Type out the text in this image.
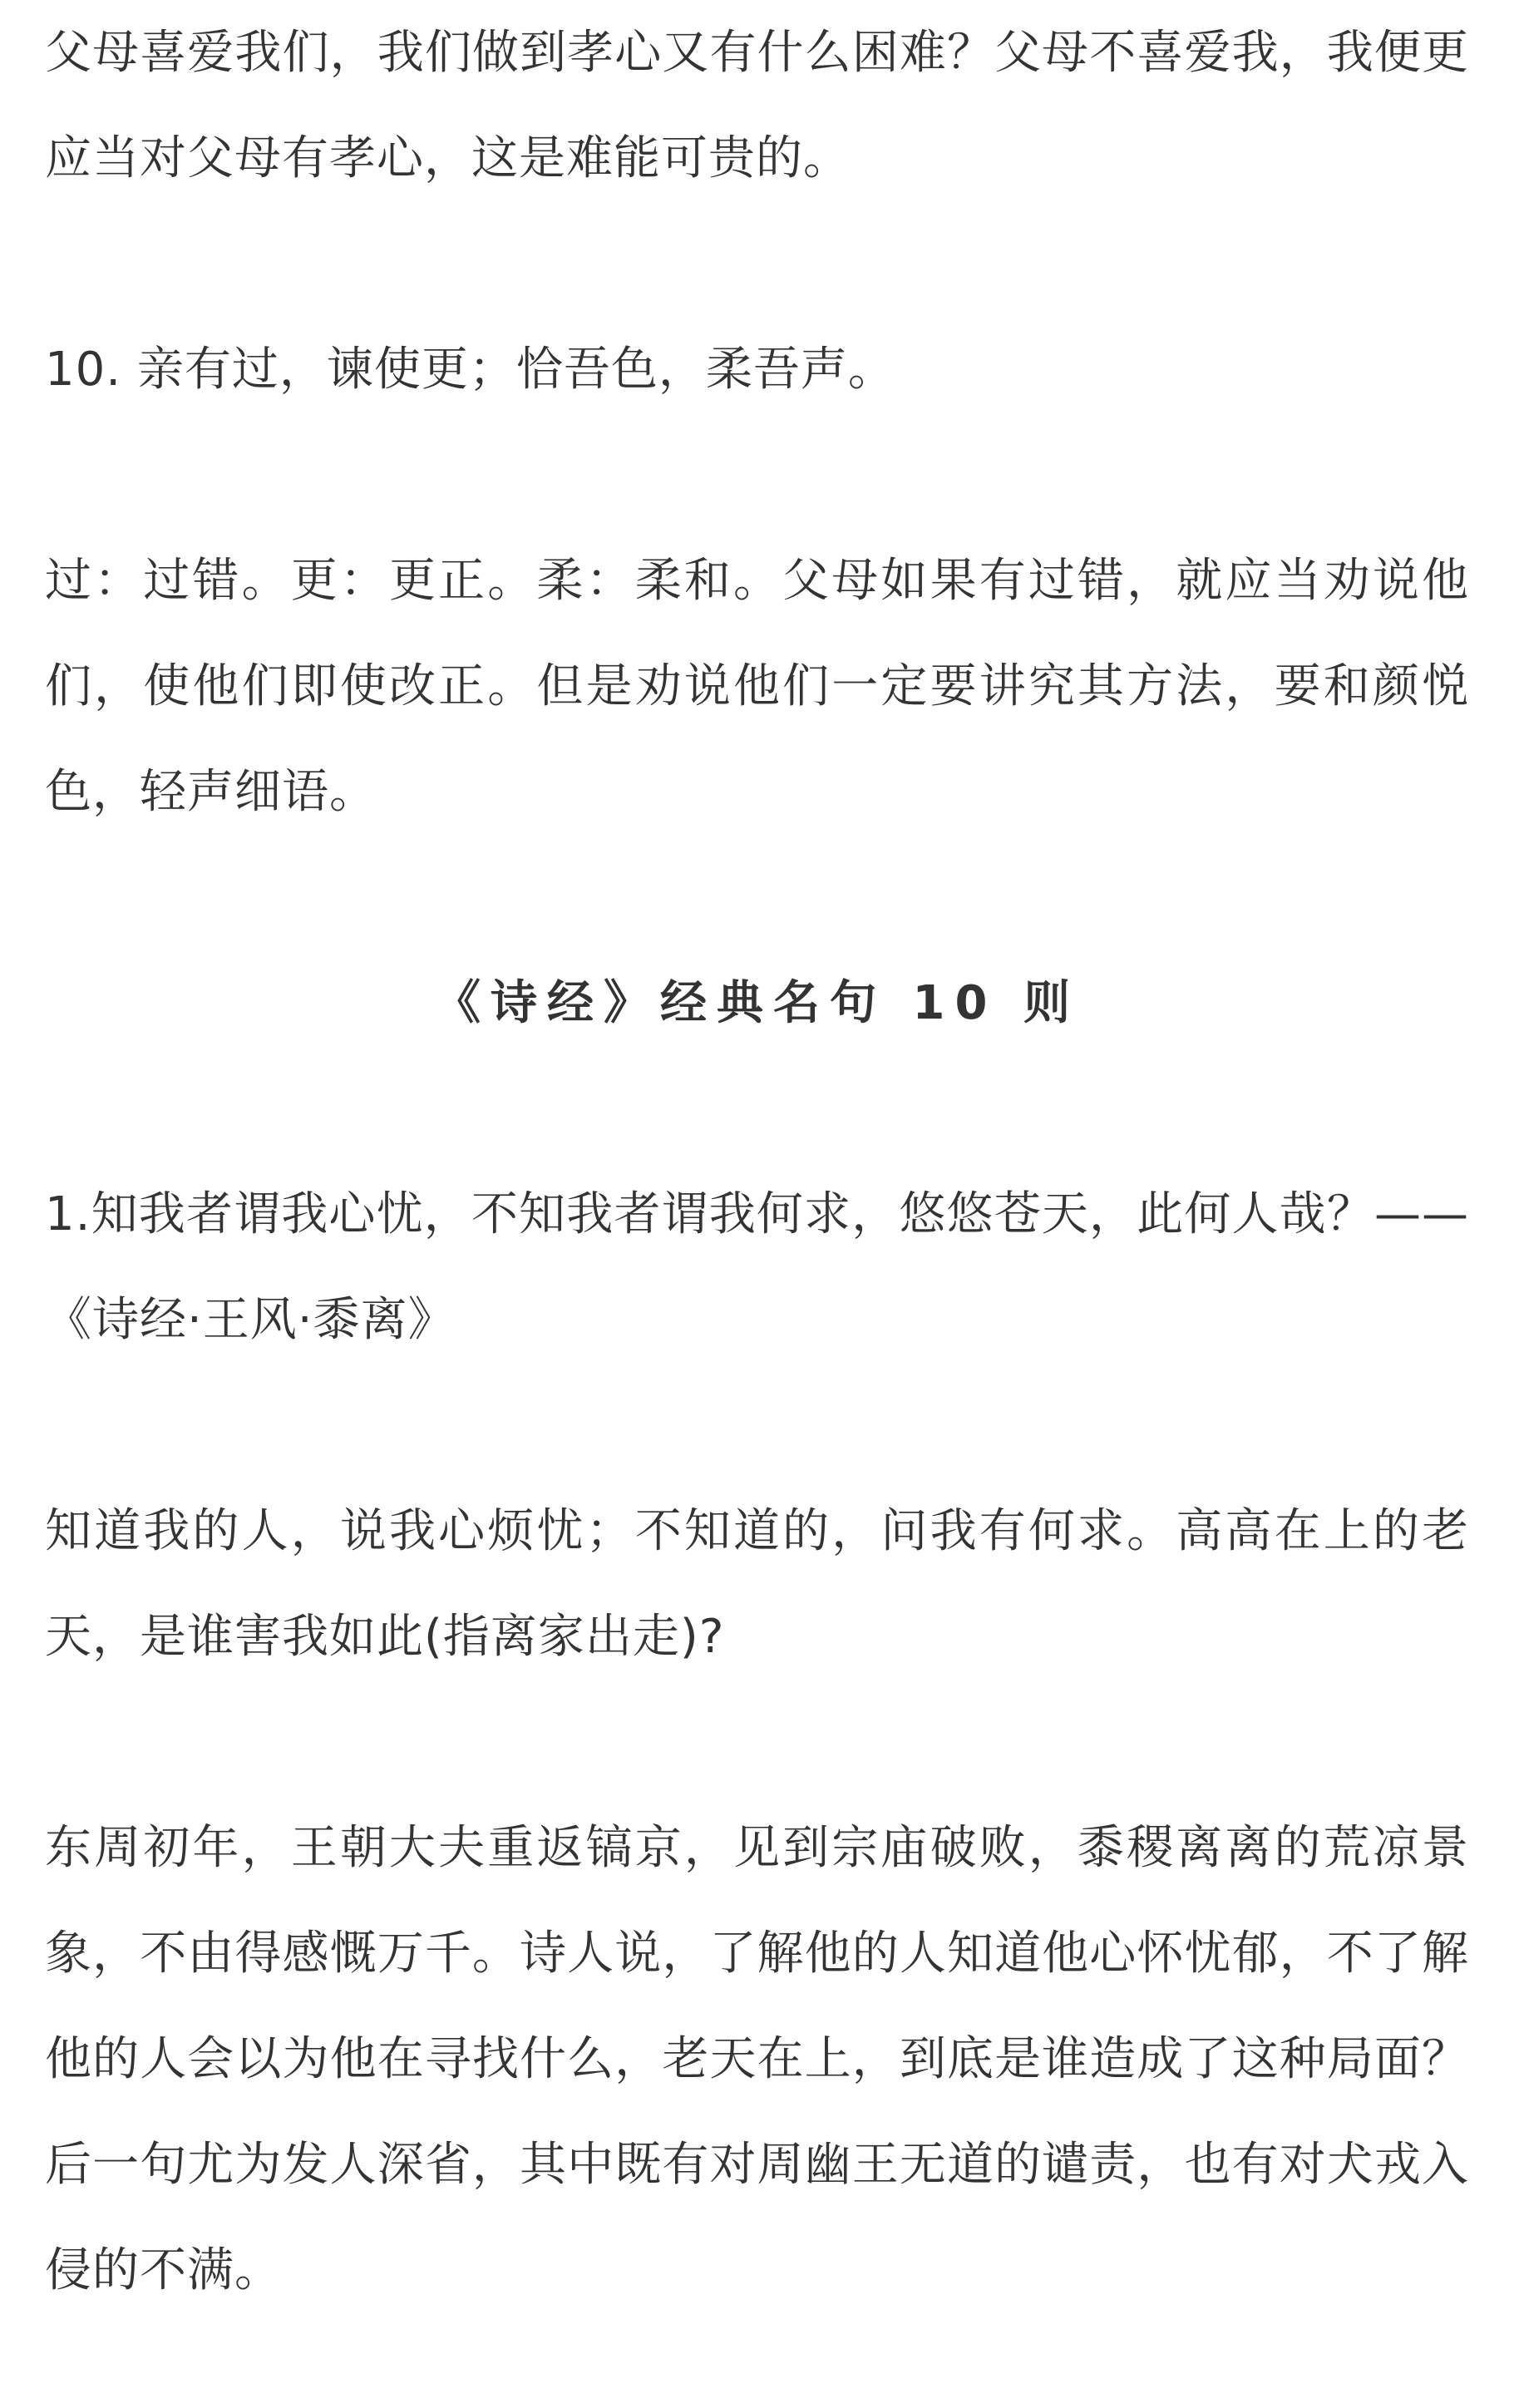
父母喜爱我们，我们做到孝心又有什么困难？父母不喜爱我，我便更应当对父母有孝心，这是难能可贵的。

10. 亲有过，谏使更；恰吾色，柔吾声。

过：过错。更：更正。柔：柔和。父母如果有过错，就应当劝说他们，使他们即使改正。但是劝说他们一定要讲究其方法，要和颜悦色，轻声细语。

《诗经》经典名句 10 则

1.知我者谓我心忧，不知我者谓我何求，悠悠苍天，此何人哉？——《诗经·王风·黍离》

知道我的人，说我心烦忧；不知道的，问我有何求。高高在上的老天，是谁害我如此(指离家出走)?

东周初年，王朝大夫重返镐京，见到宗庙破败，黍稷离离的荒凉景象，不由得感慨万千。诗人说，了解他的人知道他心怀忧郁，不了解他的人会以为他在寻找什么，老天在上，到底是谁造成了这种局面？后一句尤为发人深省，其中既有对周幽王无道的谴责，也有对犬戎入侵的不满。
